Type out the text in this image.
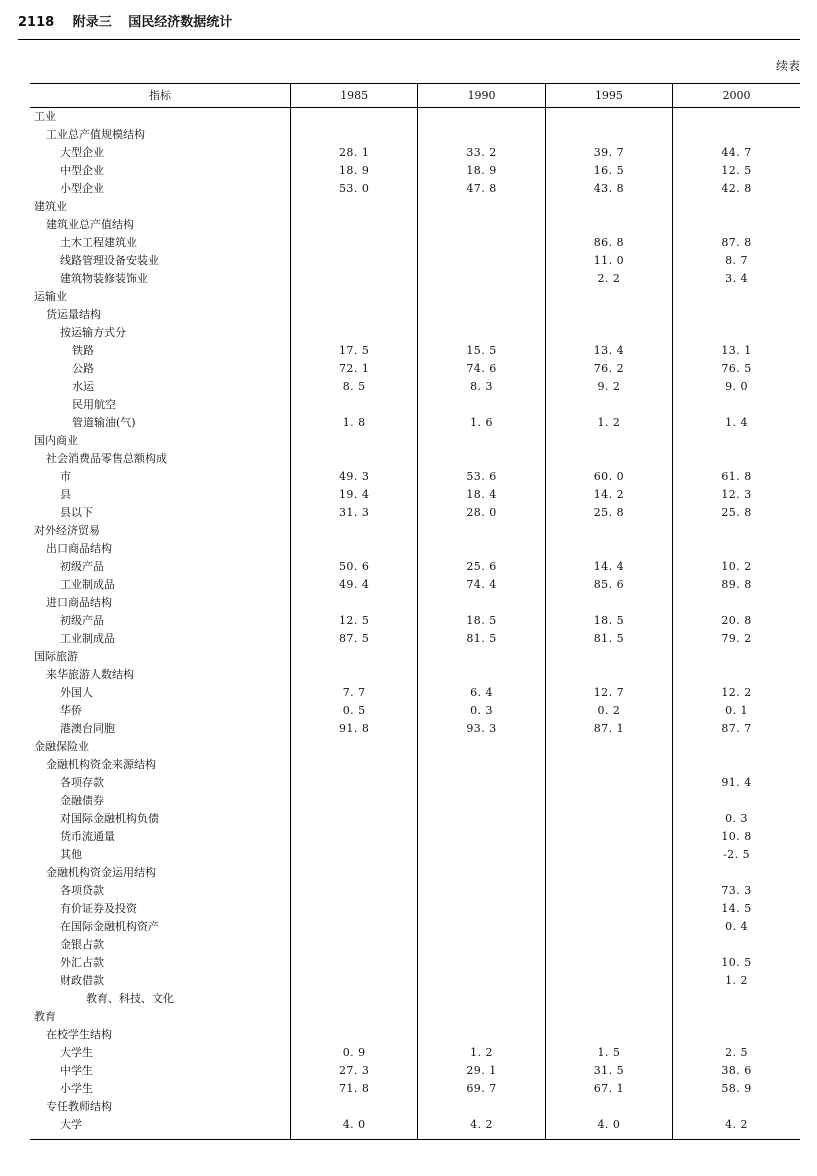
2118 附录三 国民经济数据统计
续表
指标	1985	1990	1995	2000
工业				
工业总产值规模结构				
大型企业	28. 1	33. 2	39. 7	44. 7
中型企业	18. 9	18. 9	16. 5	12. 5
小型企业	53. 0	47. 8	43. 8	42. 8
建筑业				
建筑业总产值结构				
土木工程建筑业			86. 8	87. 8
线路管理设备安装业			11. 0	8. 7
建筑物装修装饰业			2. 2	3. 4
运输业				
货运量结构				
按运输方式分				
铁路	17. 5	15. 5	13. 4	13. 1
公路	72. 1	74. 6	76. 2	76. 5
水运	8. 5	8. 3	9. 2	9. 0
民用航空				
管道输油(气)	1. 8	1. 6	1. 2	1. 4
国内商业				
社会消费品零售总额构成				
市	49. 3	53. 6	60. 0	61. 8
县	19. 4	18. 4	14. 2	12. 3
县以下	31. 3	28. 0	25. 8	25. 8
对外经济贸易				
出口商品结构				
初级产品	50. 6	25. 6	14. 4	10. 2
工业制成品	49. 4	74. 4	85. 6	89. 8
进口商品结构				
初级产品	12. 5	18. 5	18. 5	20. 8
工业制成品	87. 5	81. 5	81. 5	79. 2
国际旅游				
来华旅游人数结构				
外国人	7. 7	6. 4	12. 7	12. 2
华侨	0. 5	0. 3	0. 2	0. 1
港澳台同胞	91. 8	93. 3	87. 1	87. 7
金融保险业				
金融机构资金来源结构				
各项存款				91. 4
金融债券				
对国际金融机构负债				0. 3
货币流通量				10. 8
其他				-2. 5
金融机构资金运用结构				
各项贷款				73. 3
有价证券及投资				14. 5
在国际金融机构资产				0. 4
金银占款				
外汇占款				10. 5
财政借款				1. 2
教育、科技、文化				
教育				
在校学生结构				
大学生	0. 9	1. 2	1. 5	2. 5
中学生	27. 3	29. 1	31. 5	38. 6
小学生	71. 8	69. 7	67. 1	58. 9
专任教师结构				
大学	4. 0	4. 2	4. 0	4. 2
